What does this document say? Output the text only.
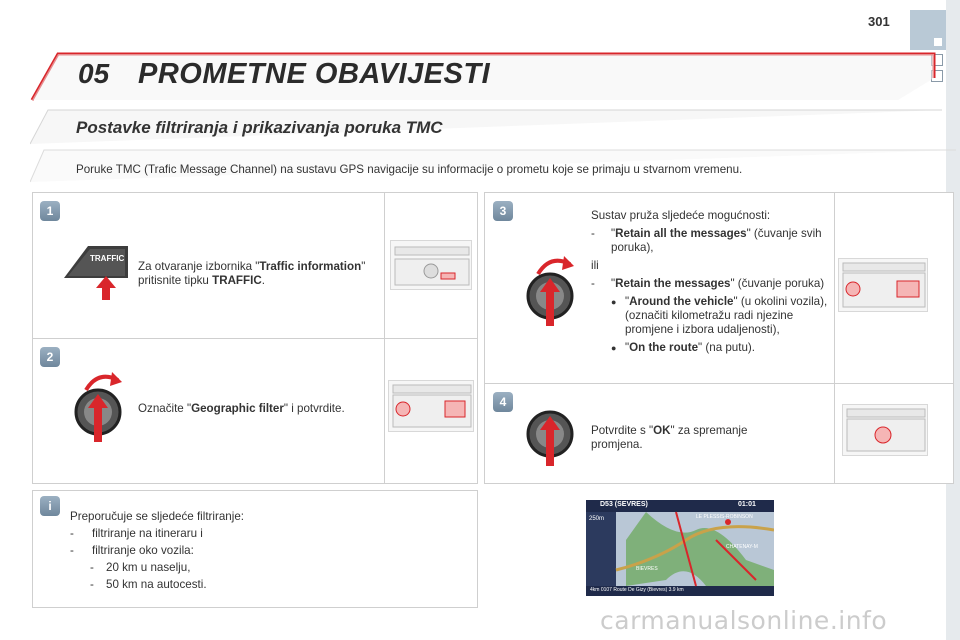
301
05 PROMETNE OBAVIJESTI
Postavke filtriranja i prikazivanja poruka TMC
Poruke TMC (Trafic Message Channel) na sustavu GPS navigacije su informacije o prometu koje se primaju u stvarnom vremenu.
1
TRAFFIC
Za otvaranje izbornika "Traffic information" pritisnite tipku TRAFFIC.
2
Označite "Geographic filter" i potvrdite.
3	Sustav pruža sljedeće mogućnosti:
-	"Retain all the messages" (čuvanje svih poruka),
ili
-	"Retain the messages" (čuvanje poruka)
● "Around the vehicle" (u okolini vozila), (označiti kilometražu radi njezine promjene i izbora udaljenosti),
● "On the route" (na putu).
4
Potvrdite s "OK" za spremanje promjena.
i
Preporučuje se sljedeće filtriranje:
-	filtriranje na itineraru i
-	filtriranje oko vozila:
-	20 km u naselju,
-	50 km na autocesti.
D53 (SEVRES)	01:01
LE PLESSIS-ROBINSON
CHATENAY-M
BIEVRES
250m
4km 0107 Route De Gizy (Bievres) 3.9 km
carmanualsonline.info
